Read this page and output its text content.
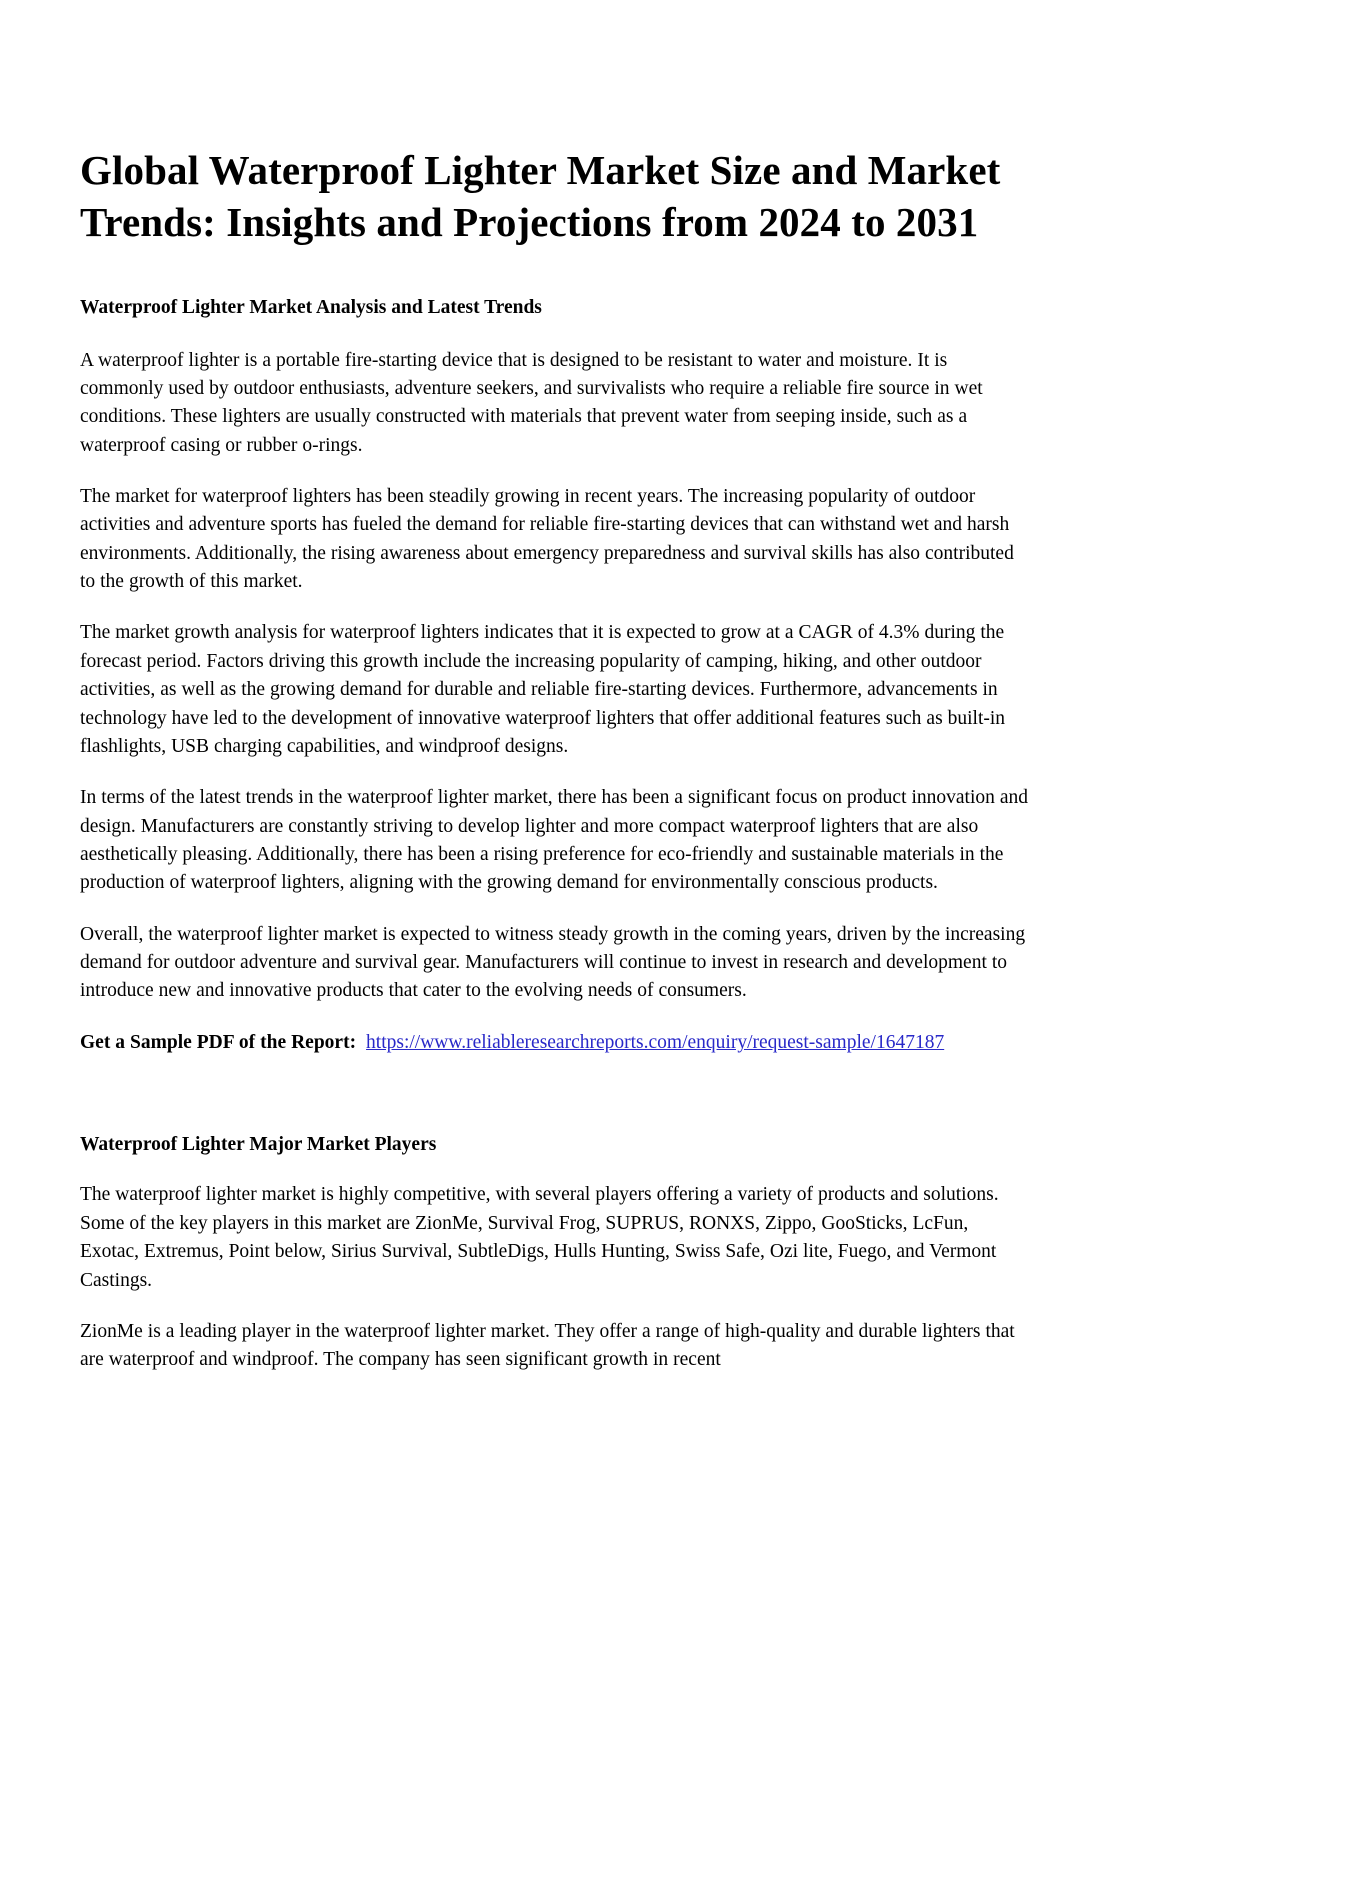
Global Waterproof Lighter Market Size and Market Trends: Insights and Projections from 2024 to 2031
Waterproof Lighter Market Analysis and Latest Trends

A waterproof lighter is a portable fire-starting device that is designed to be resistant to water and moisture. It is commonly used by outdoor enthusiasts, adventure seekers, and survivalists who require a reliable fire source in wet conditions. These lighters are usually constructed with materials that prevent water from seeping inside, such as a waterproof casing or rubber o-rings.

The market for waterproof lighters has been steadily growing in recent years. The increasing popularity of outdoor activities and adventure sports has fueled the demand for reliable fire-starting devices that can withstand wet and harsh environments. Additionally, the rising awareness about emergency preparedness and survival skills has also contributed to the growth of this market.

The market growth analysis for waterproof lighters indicates that it is expected to grow at a CAGR of 4.3% during the forecast period. Factors driving this growth include the increasing popularity of camping, hiking, and other outdoor activities, as well as the growing demand for durable and reliable fire-starting devices. Furthermore, advancements in technology have led to the development of innovative waterproof lighters that offer additional features such as built-in flashlights, USB charging capabilities, and windproof designs.

In terms of the latest trends in the waterproof lighter market, there has been a significant focus on product innovation and design. Manufacturers are constantly striving to develop lighter and more compact waterproof lighters that are also aesthetically pleasing. Additionally, there has been a rising preference for eco-friendly and sustainable materials in the production of waterproof lighters, aligning with the growing demand for environmentally conscious products.

Overall, the waterproof lighter market is expected to witness steady growth in the coming years, driven by the increasing demand for outdoor adventure and survival gear. Manufacturers will continue to invest in research and development to introduce new and innovative products that cater to the evolving needs of consumers.

Get a Sample PDF of the Report: https://www.reliableresearchreports.com/enquiry/request-sample/1647187

Waterproof Lighter Major Market Players

The waterproof lighter market is highly competitive, with several players offering a variety of products and solutions. Some of the key players in this market are ZionMe, Survival Frog, SUPRUS, RONXS, Zippo, GooSticks, LcFun, Exotac, Extremus, Point below, Sirius Survival, SubtleDigs, Hulls Hunting, Swiss Safe, Ozi lite, Fuego, and Vermont Castings.

ZionMe is a leading player in the waterproof lighter market. They offer a range of high-quality and durable lighters that are waterproof and windproof. The company has seen significant growth in recent
